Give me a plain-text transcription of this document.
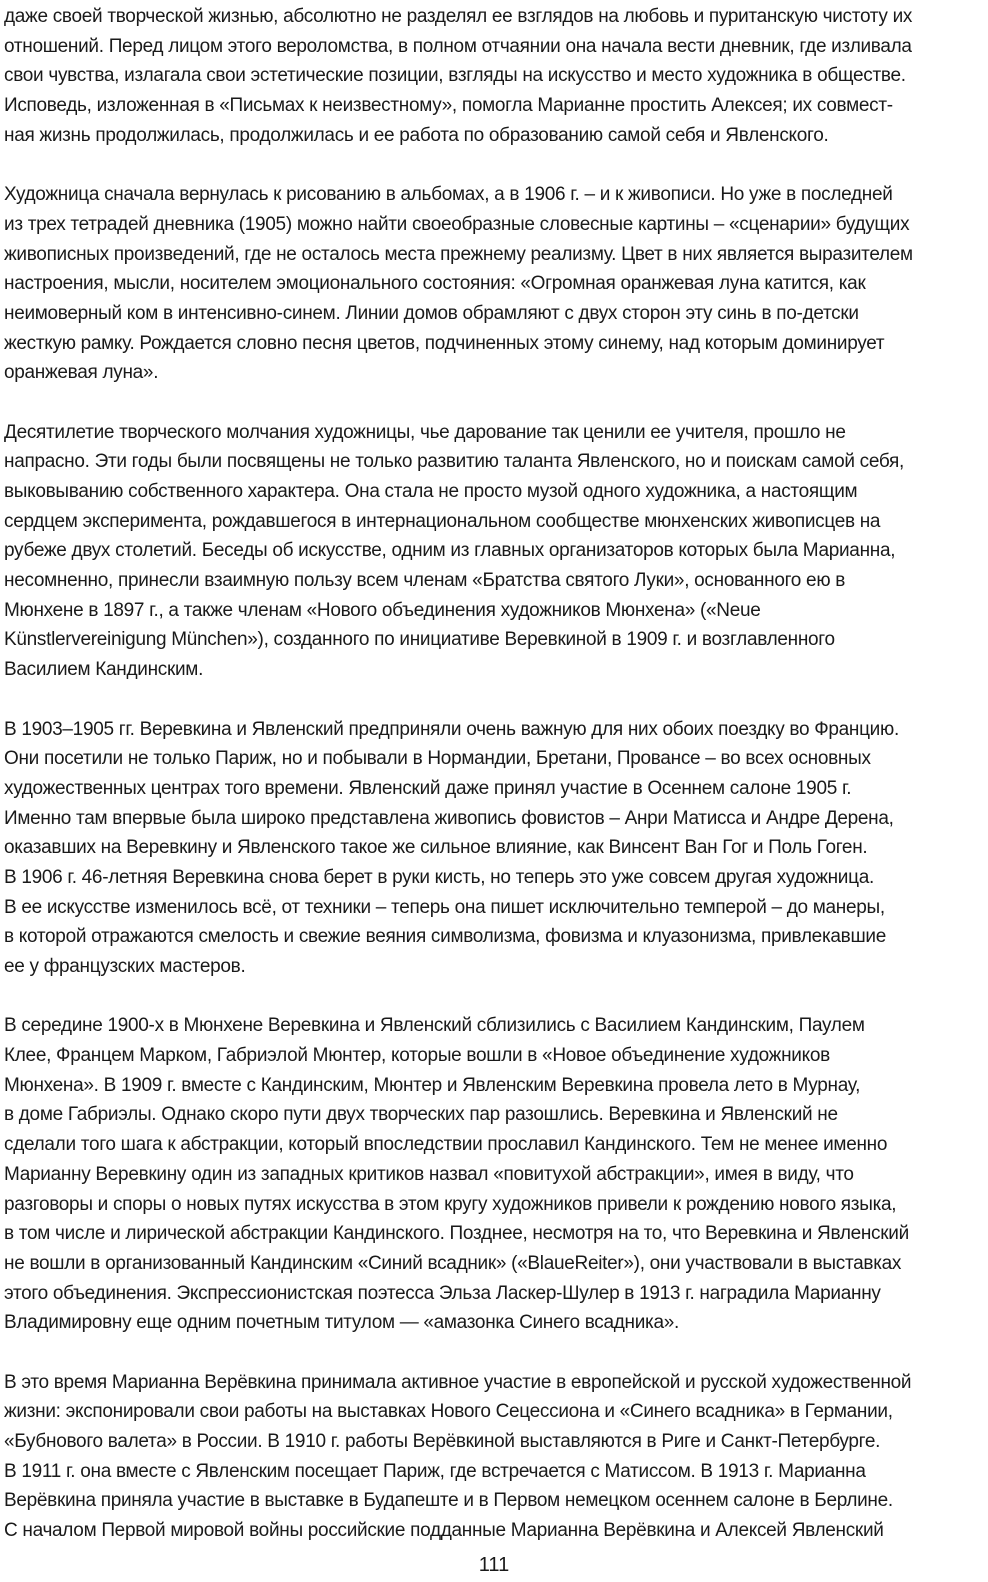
даже своей творческой жизнью, абсолютно не разделял ее взглядов на любовь и пуританскую чистоту их
отношений. Перед лицом этого вероломства, в полном отчаянии она начала вести дневник, где изливала
свои чувства, излагала свои эстетические позиции, взгляды на искусство и место художника в обществе.
Исповедь, изложенная в «Письмах к неизвестному», помогла Марианне простить Алексея; их совмест-
ная жизнь продолжилась, продолжилась и ее работа по образованию самой себя и Явленского.
Художница сначала вернулась к рисованию в альбомах, а в 1906 г. – и к живописи. Но уже в последней
из трех тетрадей дневника (1905) можно найти своеобразные словесные картины – «сценарии» будущих
живописных произведений, где не осталось места прежнему реализму. Цвет в них является выразителем
настроения, мысли, носителем эмоционального состояния: «Огромная оранжевая луна катится, как
неимоверный ком в интенсивно-синем. Линии домов обрамляют с двух сторон эту синь в по-детски
жесткую рамку. Рождается словно песня цветов, подчиненных этому синему, над которым доминирует
оранжевая луна».
Десятилетие творческого молчания художницы, чье дарование так ценили ее учителя, прошло не
напрасно. Эти годы были посвящены не только развитию таланта Явленского, но и поискам самой себя,
выковыванию собственного характера. Она стала не просто музой одного художника, а настоящим
сердцем эксперимента, рождавшегося в интернациональном сообществе мюнхенских живописцев на
рубеже двух столетий. Беседы об искусстве, одним из главных организаторов которых была Марианна,
несомненно, принесли взаимную пользу всем членам «Братства святого Луки», основанного ею в
Мюнхене в 1897 г., а также членам «Нового объединения художников Мюнхена» («Neue
Künstlervereinigung München»), созданного по инициативе Веревкиной в 1909 г. и возглавленного
Василием Кандинским.
В 1903–1905 гг. Веревкина и Явленский предприняли очень важную для них обоих поездку во Францию.
Они посетили не только Париж, но и побывали в Нормандии, Бретани, Провансе – во всех основных
художественных центрах того времени. Явленский даже принял участие в Осеннем салоне 1905 г.
Именно там впервые была широко представлена живопись фовистов – Анри Матисса и Андре Дерена,
оказавших на Веревкину и Явленского такое же сильное влияние, как Винсент Ван Гог и Поль Гоген.
В 1906 г. 46-летняя Веревкина снова берет в руки кисть, но теперь это уже совсем другая художница.
В ее искусстве изменилось всё, от техники – теперь она пишет исключительно темперой – до манеры,
в которой отражаются смелость и свежие веяния символизма, фовизма и клуазонизма, привлекавшие
ее у французских мастеров.
В середине 1900-х в Мюнхене Веревкина и Явленский сблизились с Василием Кандинским, Паулем
Клее, Францем Марком, Габриэлой Мюнтер, которые вошли в «Новое объединение художников
Мюнхена». В 1909 г. вместе с Кандинским, Мюнтер и Явленским Веревкина провела лето в Мурнау,
в доме Габриэлы. Однако скоро пути двух творческих пар разошлись. Веревкина и Явленский не
сделали того шага к абстракции, который впоследствии прославил Кандинского. Тем не менее именно
Марианну Веревкину один из западных критиков назвал «повитухой абстракции», имея в виду, что
разговоры и споры о новых путях искусства в этом кругу художников привели к рождению нового языка,
в том числе и лирической абстракции Кандинского. Позднее, несмотря на то, что Веревкина и Явленский
не вошли в организованный Кандинским «Синий всадник» («BlaueReiter»), они участвовали в выставках
этого объединения. Экспрессионистская поэтесса Эльза Ласкер-Шулер в 1913 г. наградила Марианну
Владимировну еще одним почетным титулом — «амазонка Синего всадника».
В это время Марианна Верёвкина принимала активное участие в европейской и русской художественной
жизни: экспонировали свои работы на выставках Нового Сецессиона и «Синего всадника» в Германии,
«Бубнового валета» в России. В 1910 г. работы Верёвкиной выставляются в Риге и Санкт-Петербурге.
В 1911 г. она вместе с Явленским посещает Париж, где встречается с Матиссом. В 1913 г. Марианна
Верёвкина приняла участие в выставке в Будапеште и в Первом немецком осеннем салоне в Берлине.
С началом Первой мировой войны российские подданные Марианна Верёвкина и Алексей Явленский
111
